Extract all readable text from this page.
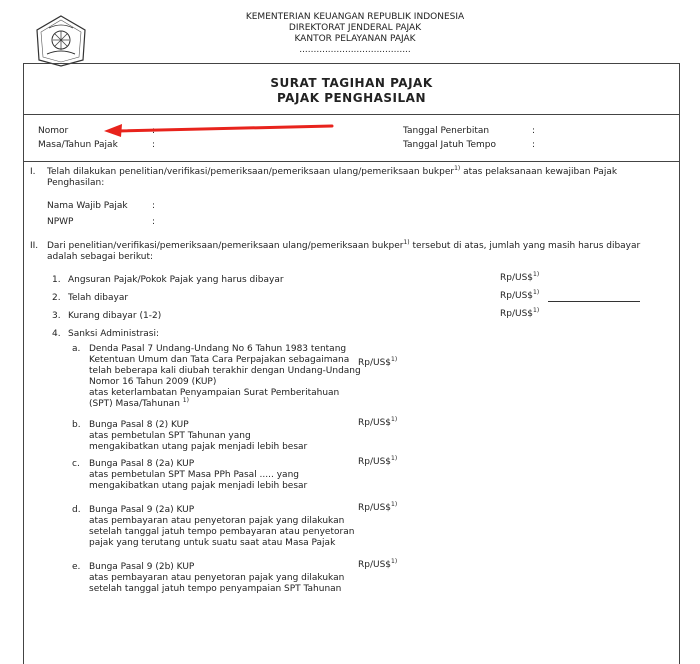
KEMENTERIAN KEUANGAN REPUBLIK INDONESIA
DIREKTORAT JENDERAL PAJAK
KANTOR PELAYANAN PAJAK
.......................................
SURAT TAGIHAN PAJAK
PAJAK PENGHASILAN
Nomor
Masa/Tahun Pajak	:
Tanggal Penerbitan	:
Tanggal Jatuh Tempo	:
I. Telah dilakukan penelitian/verifikasi/pemeriksaan/pemeriksaan ulang/pemeriksaan bukper$^{1)}$ atas pelaksanaan kewajiban Pajak
Penghasilan:
Nama Wajib Pajak	:
NPWP	:
II. Dari penelitian/verifikasi/pemeriksaan/pemeriksaan ulang/pemeriksaan bukper$^{1)}$ tersebut di atas, jumlah yang masih harus dibayar
adalah sebagai berikut:
1. Angsuran Pajak/Pokok Pajak yang harus dibayar	Rp/US\$$^{1)}$
2. Telah dibayar	Rp/US\$$^{1)}$
3. Kurang dibayar (1-2)	Rp/US\$$^{1)}$
4. Sanksi Administrasi:
a. Denda Pasal 7 Undang-Undang No 6 Tahun 1983 tentang
Ketentuan Umum dan Tata Cara Perpajakan sebagaimana
telah beberapa kali diubah terakhir dengan Undang-Undang
Nomor 16 Tahun 2009 (KUP)
atas keterlambatan Penyampaian Surat Pemberitahuan
(SPT) Masa/Tahunan $^{1)}$
Rp/US\$$^{1)}$
b. Bunga Pasal 8 (2) KUP
atas pembetulan SPT Tahunan yang
mengakibatkan utang pajak menjadi lebih besar
Rp/US\$$^{1)}$
c. Bunga Pasal 8 (2a) KUP
atas pembetulan SPT Masa PPh Pasal ..... yang
mengakibatkan utang pajak menjadi lebih besar
Rp/US\$$^{1)}$
d. Bunga Pasal 9 (2a) KUP
atas pembayaran atau penyetoran pajak yang dilakukan
setelah tanggal jatuh tempo pembayaran atau penyetoran
pajak yang terutang untuk suatu saat atau Masa Pajak
Rp/US\$$^{1)}$
e. Bunga Pasal 9 (2b) KUP
atas pembayaran atau penyetoran pajak yang dilakukan
setelah tanggal jatuh tempo penyampaian SPT Tahunan
Rp/US\$$^{1)}$
